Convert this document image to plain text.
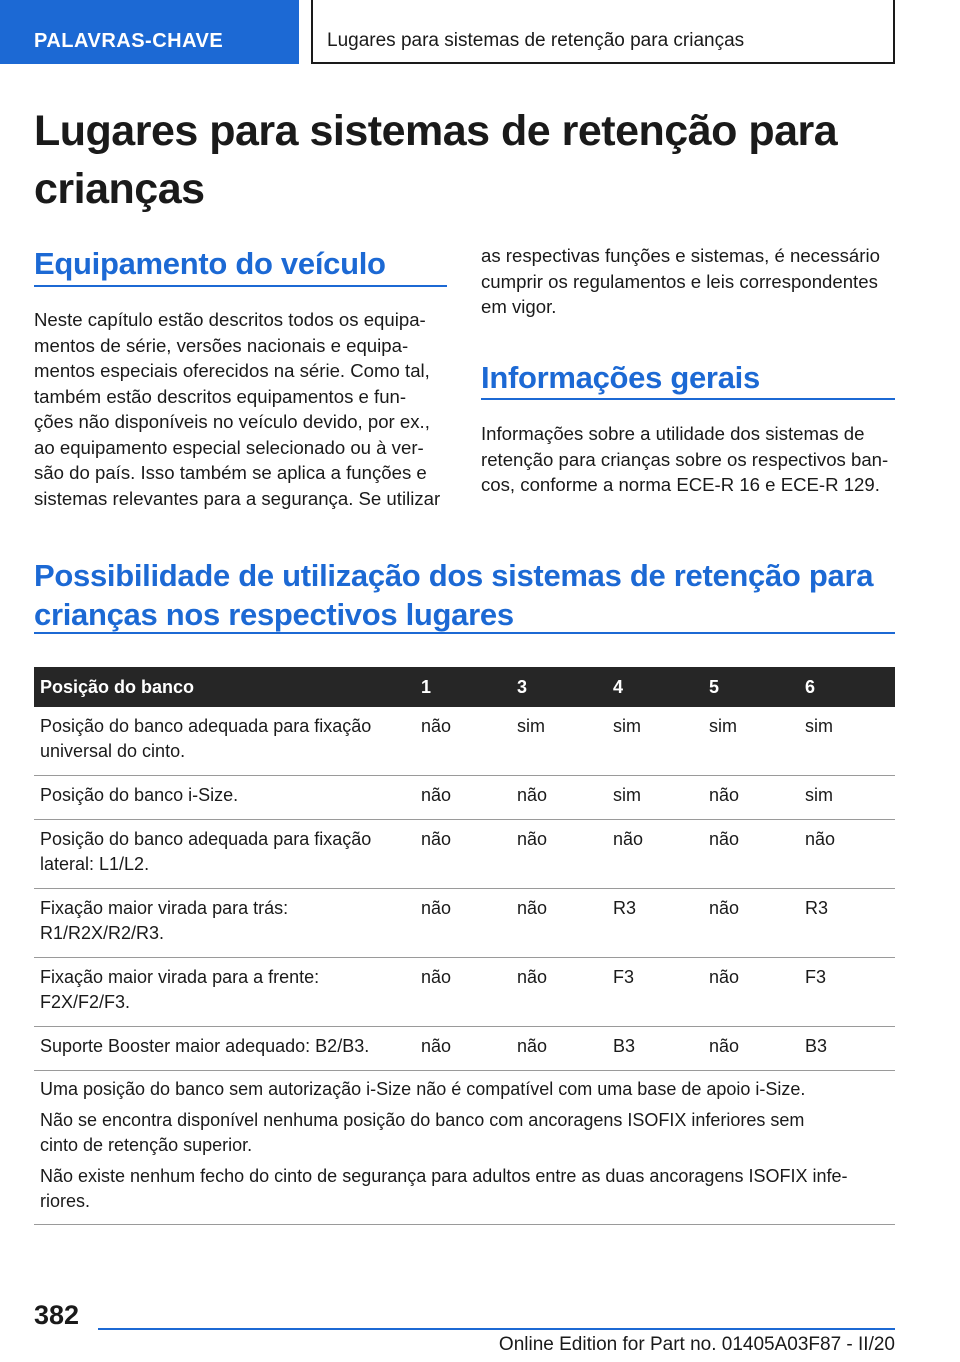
PALAVRAS-CHAVE	Lugares para sistemas de retenção para crianças
Lugares para sistemas de retenção para
crianças
Equipamento do veículo
Neste capítulo estão descritos todos os equipa-
mentos de série, versões nacionais e equipa-
mentos especiais oferecidos na série. Como tal,
também estão descritos equipamentos e fun-
ções não disponíveis no veículo devido, por ex.,
ao equipamento especial selecionado ou à ver-
são do país. Isso também se aplica a funções e
sistemas relevantes para a segurança. Se utilizar
as respectivas funções e sistemas, é necessário
cumprir os regulamentos e leis correspondentes
em vigor.
Informações gerais
Informações sobre a utilidade dos sistemas de
retenção para crianças sobre os respectivos ban-
cos, conforme a norma ECE-R 16 e ECE-R 129.
Possibilidade de utilização dos sistemas de retenção para
crianças nos respectivos lugares
Posição do banco	1	3	4	5	6
Posição do banco adequada para fixação
universal do cinto.	não	sim	sim	sim	sim
Posição do banco i-Size.	não	não	sim	não	sim
Posição do banco adequada para fixação
lateral: L1/L2.	não	não	não	não	não
Fixação maior virada para trás:
R1/R2X/R2/R3.	não	não	R3	não	R3
Fixação maior virada para a frente:
F2X/F2/F3.	não	não	F3	não	F3
Suporte Booster maior adequado: B2/B3.	não	não	B3	não	B3

Uma posição do banco sem autorização i-Size não é compatível com uma base de apoio i-Size.

Não se encontra disponível nenhuma posição do banco com ancoragens ISOFIX inferiores sem
cinto de retenção superior.

Não existe nenhum fecho do cinto de segurança para adultos entre as duas ancoragens ISOFIX infe-
riores.					

382
Online Edition for Part no. 01405A03F87 - II/20
